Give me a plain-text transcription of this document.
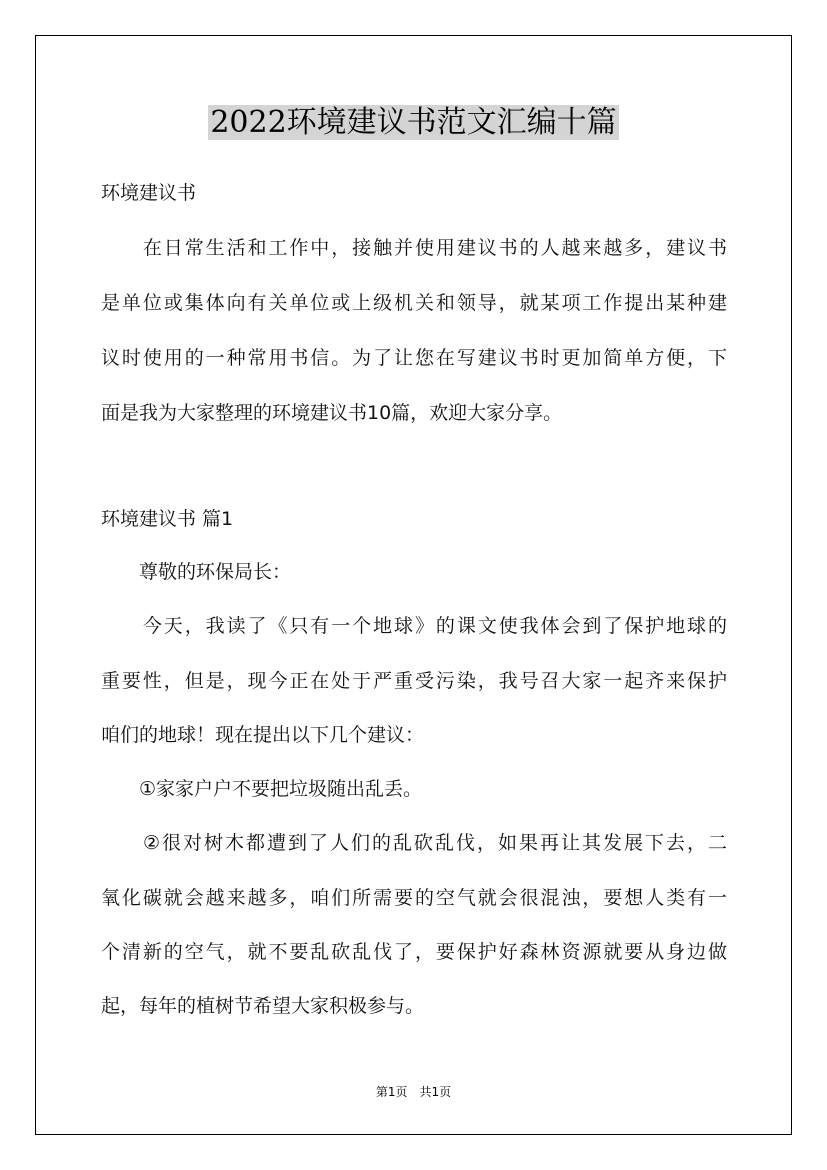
2022环境建议书范文汇编十篇
环境建议书
　　在日常生活和工作中，接触并使用建议书的人越来越多，建议书
是单位或集体向有关单位或上级机关和领导，就某项工作提出某种建
议时使用的一种常用书信。为了让您在写建议书时更加简单方便，下
面是我为大家整理的环境建议书10篇，欢迎大家分享。
环境建议书 篇1
　　尊敬的环保局长：
　　今天，我读了《只有一个地球》的课文使我体会到了保护地球的
重要性，但是，现今正在处于严重受污染，我号召大家一起齐来保护
咱们的地球！现在提出以下几个建议：
　　①家家户户不要把垃圾随出乱丢。
　　②很对树木都遭到了人们的乱砍乱伐，如果再让其发展下去，二
氧化碳就会越来越多，咱们所需要的空气就会很混浊，要想人类有一
个清新的空气，就不要乱砍乱伐了，要保护好森林资源就要从身边做
起，每年的植树节希望大家积极参与。
第1页　共1页
